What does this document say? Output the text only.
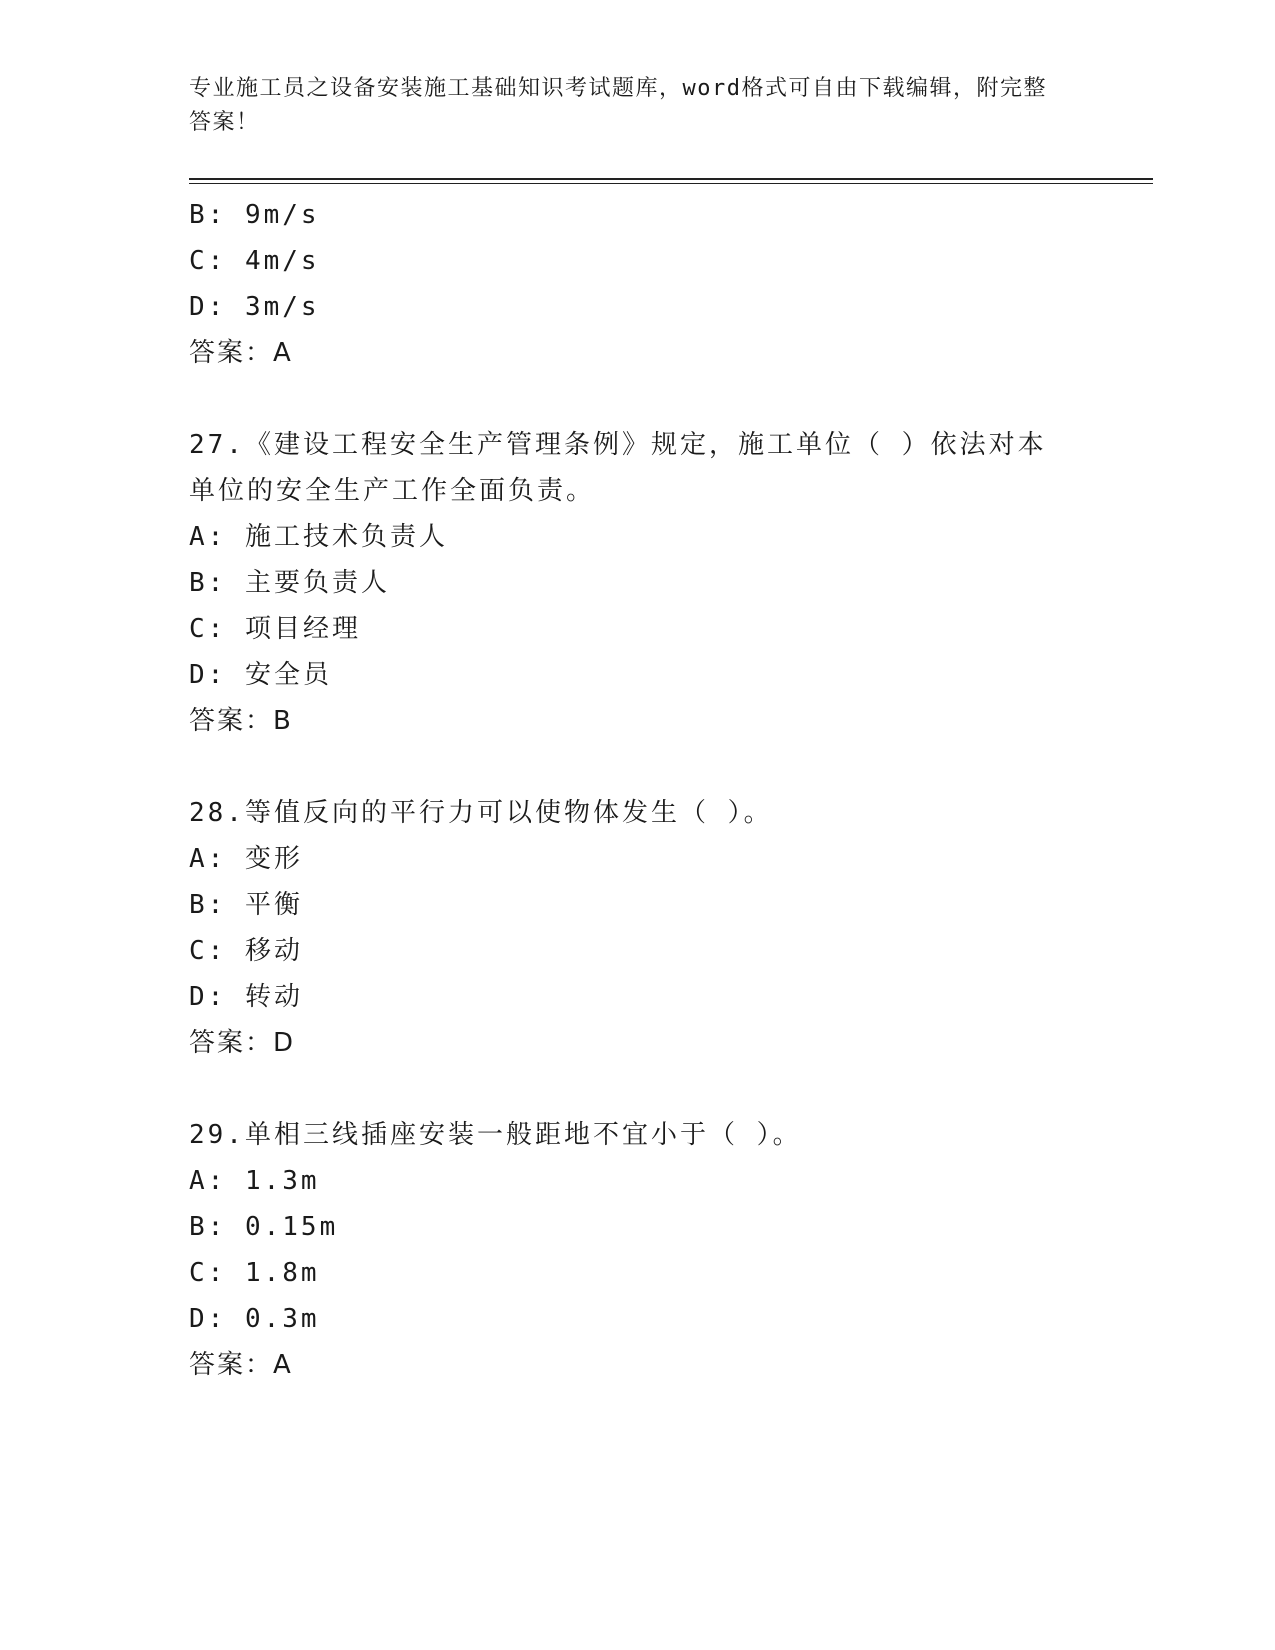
专业施工员之设备安装施工基础知识考试题库，word格式可自由下载编辑，附完整答案！
B: 9m/s
C: 4m/s
D: 3m/s
答案：A
27.《建设工程安全生产管理条例》规定，施工单位（ ）依法对本单位的安全生产工作全面负责。
A: 施工技术负责人
B: 主要负责人
C: 项目经理
D: 安全员
答案：B
28.等值反向的平行力可以使物体发生（ ）。
A: 变形
B: 平衡
C: 移动
D: 转动
答案：D
29.单相三线插座安装一般距地不宜小于（ ）。
A: 1.3m
B: 0.15m
C: 1.8m
D: 0.3m
答案：A
